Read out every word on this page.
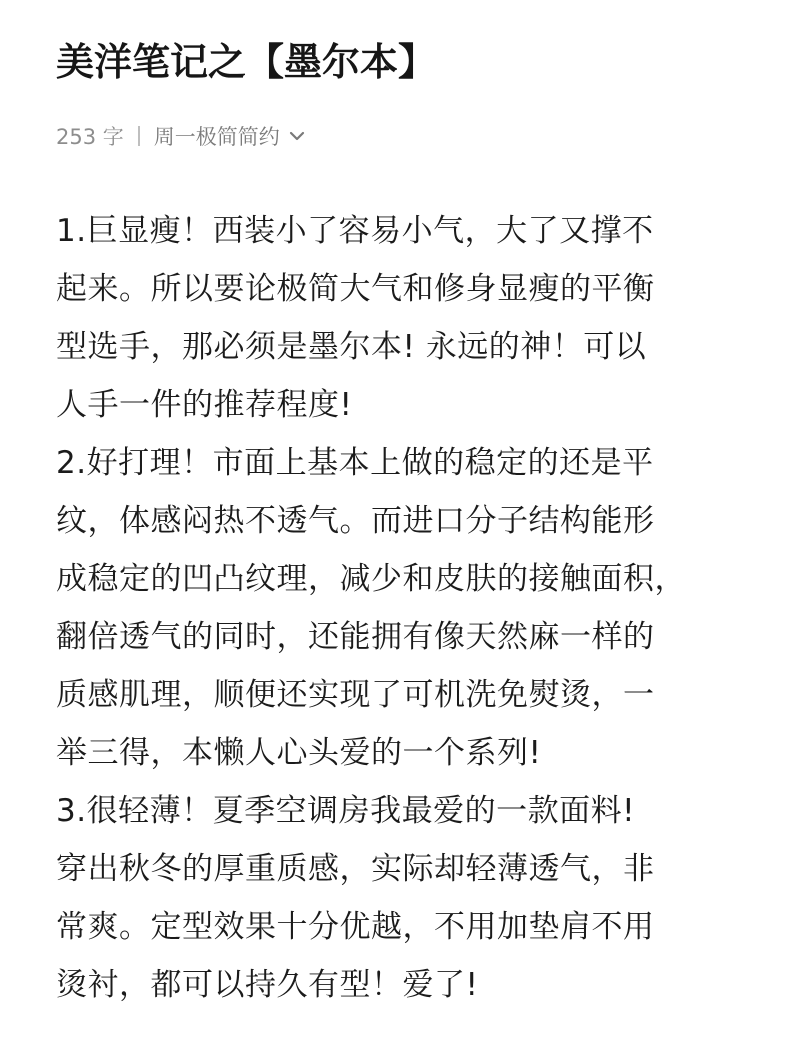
美洋笔记之【墨尔本】
253 字 周一极简简约
1.巨显瘦！西装小了容易小气，大了又撑不
起来。所以要论极简大气和修身显瘦的平衡
型选手，那必须是墨尔本! 永远的神！可以
人手一件的推荐程度!
2.好打理！市面上基本上做的稳定的还是平
纹，体感闷热不透气。而进口分子结构能形
成稳定的凹凸纹理，减少和皮肤的接触面积，
翻倍透气的同时，还能拥有像天然麻一样的
质感肌理，顺便还实现了可机洗免熨烫，一
举三得，本懒人心头爱的一个系列!
3.很轻薄！夏季空调房我最爱的一款面料!
穿出秋冬的厚重质感，实际却轻薄透气，非
常爽。定型效果十分优越，不用加垫肩不用
烫衬，都可以持久有型！爱了!
